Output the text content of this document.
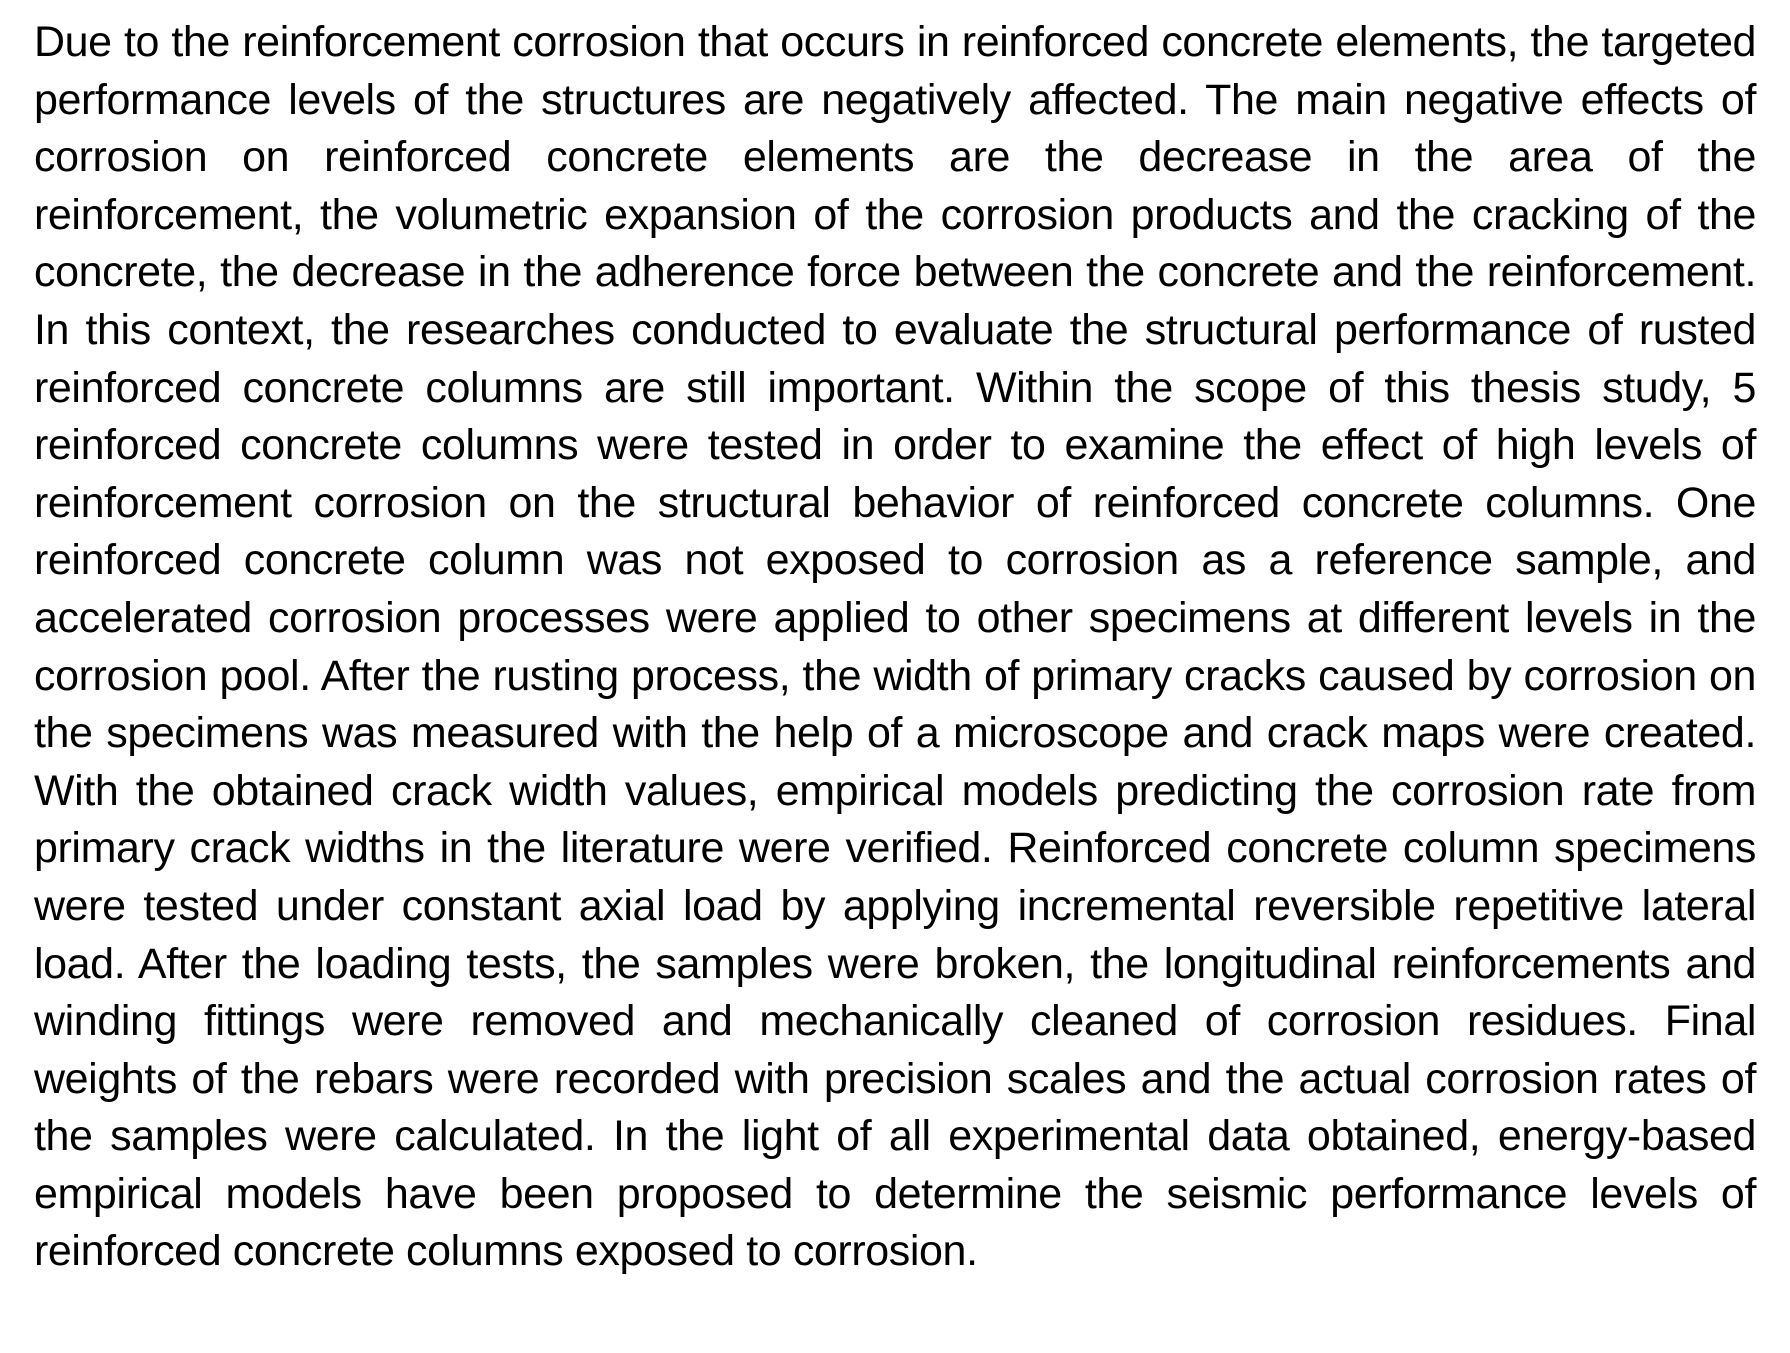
Due to the reinforcement corrosion that occurs in reinforced concrete elements, the targeted performance levels of the structures are negatively affected. The main negative effects of corrosion on reinforced concrete elements are the decrease in the area of the reinforcement, the volumetric expansion of the corrosion products and the cracking of the concrete, the decrease in the adherence force between the concrete and the reinforcement. In this context, the researches conducted to evaluate the structural performance of rusted reinforced concrete columns are still important. Within the scope of this thesis study, 5 reinforced concrete columns were tested in order to examine the effect of high levels of reinforcement corrosion on the structural behavior of reinforced concrete columns. One reinforced concrete column was not exposed to corrosion as a reference sample, and accelerated corrosion processes were applied to other specimens at different levels in the corrosion pool. After the rusting process, the width of primary cracks caused by corrosion on the specimens was measured with the help of a microscope and crack maps were created. With the obtained crack width values, empirical models predicting the corrosion rate from primary crack widths in the literature were verified. Reinforced concrete column specimens were tested under constant axial load by applying incremental reversible repetitive lateral load. After the loading tests, the samples were broken, the longitudinal reinforcements and winding fittings were removed and mechanically cleaned of corrosion residues. Final weights of the rebars were recorded with precision scales and the actual corrosion rates of the samples were calculated. In the light of all experimental data obtained, energy-based empirical models have been proposed to determine the seismic performance levels of reinforced concrete columns exposed to corrosion.
